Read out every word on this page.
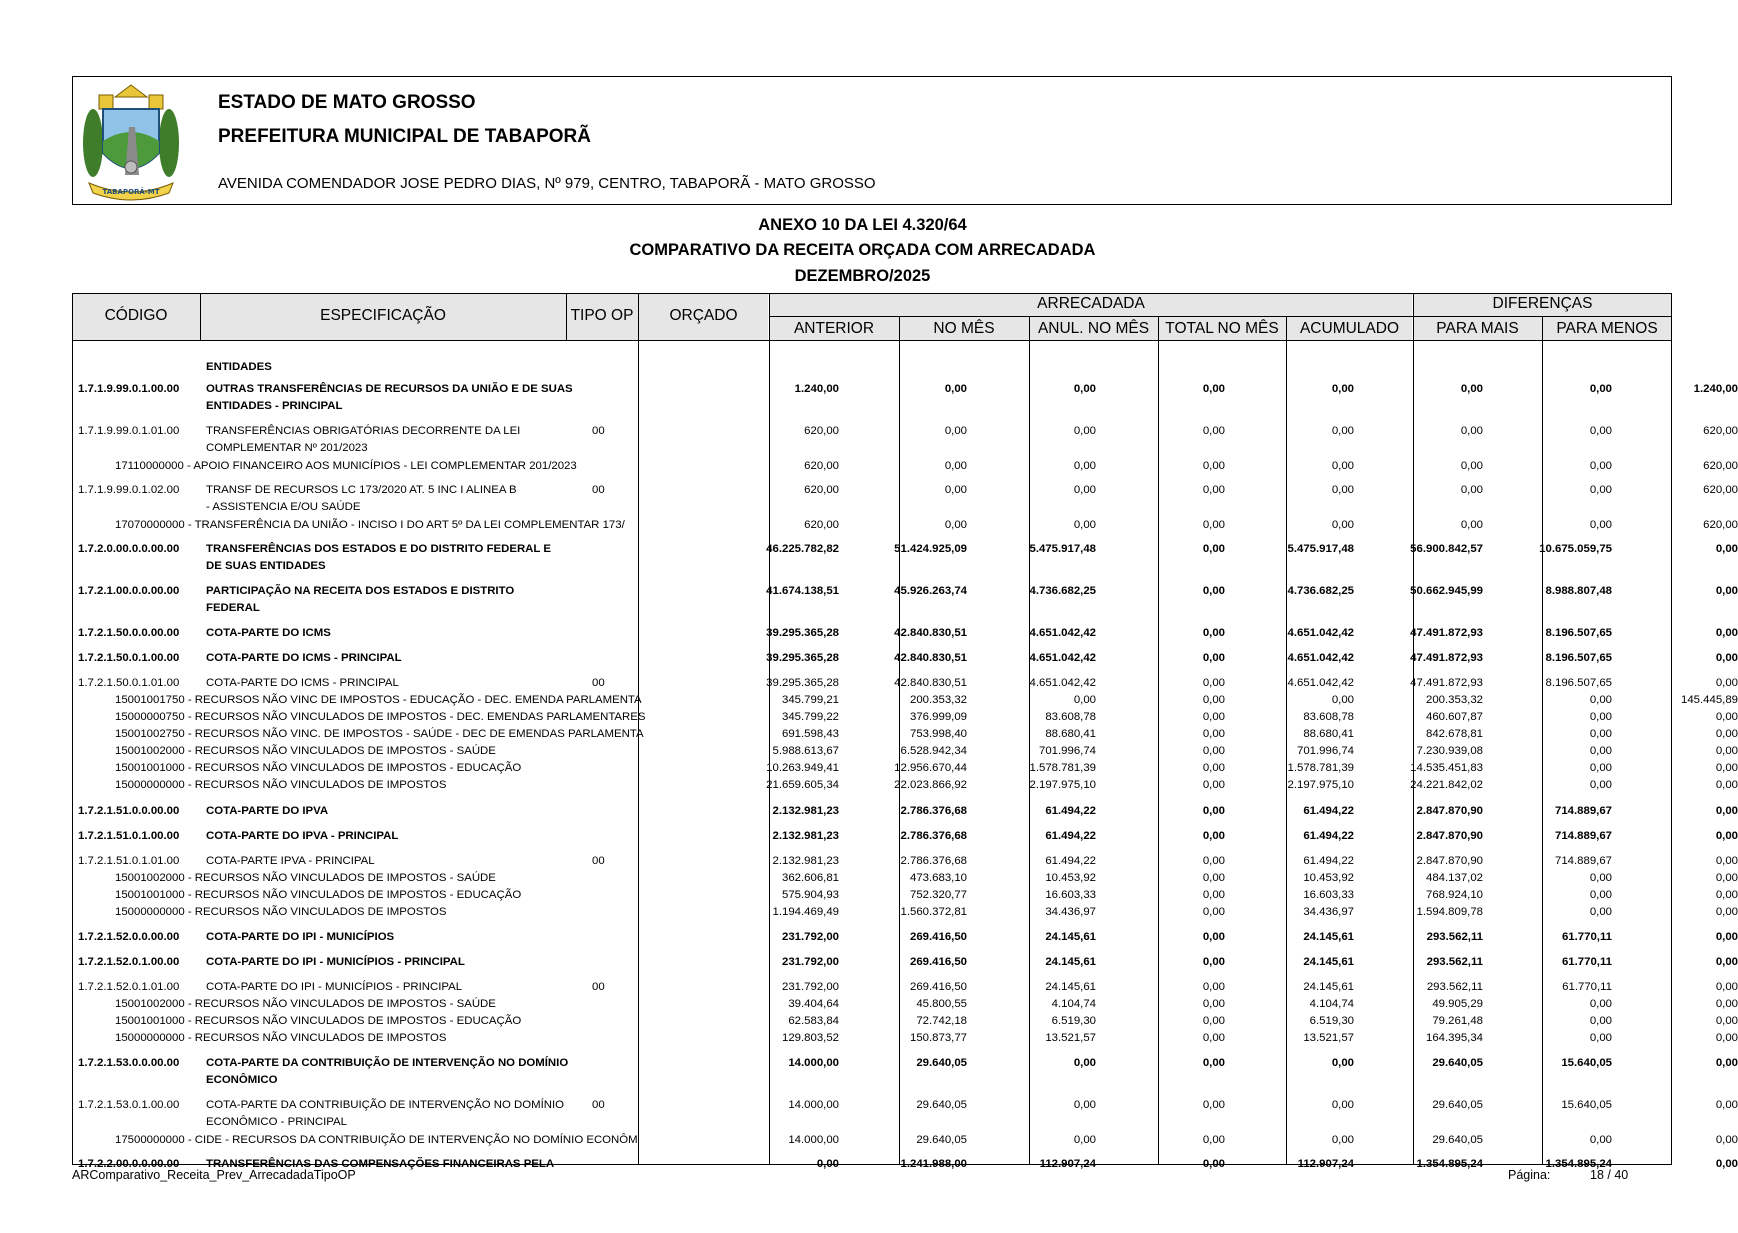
TABAPORÃ-MT
ESTADO DE MATO GROSSO
PREFEITURA MUNICIPAL DE TABAPORÃ
AVENIDA COMENDADOR JOSE PEDRO DIAS, Nº 979, CENTRO, TABAPORÃ - MATO GROSSO
ANEXO 10 DA LEI 4.320/64
COMPARATIVO DA RECEITA ORÇADA COM ARRECADADA
DEZEMBRO/2025
CÓDIGO	ESPECIFICAÇÃO	TIPO OP	ORÇADO
ARRECADADA
ANTERIOR	NO MÊS	ANUL. NO MÊS	TOTAL NO MÊS	ACUMULADO
DIFERENÇAS
PARA MAIS	PARA MENOS
ENTIDADES
1.7.1.9.99.0.1.00.00 OUTRAS TRANSFERÊNCIAS DE RECURSOS DA UNIÃO E DE SUAS
ENTIDADES - PRINCIPAL
1.240,00	0,00	0,00	0,00	0,00	0,00	0,00	1.240,00
1.7.1.9.99.0.1.01.00 TRANSFERÊNCIAS OBRIGATÓRIAS DECORRENTE DA LEI
COMPLEMENTAR Nº 201/2023
00	620,00	0,00	0,00	0,00	0,00	0,00	0,00	620,00
17110000000 - APOIO FINANCEIRO AOS MUNICÍPIOS - LEI COMPLEMENTAR 201/2023	620,00	0,00	0,00	0,00	0,00	0,00	0,00	620,00
1.7.1.9.99.0.1.02.00 TRANSF DE RECURSOS LC 173/2020 AT. 5 INC I ALINEA B
- ASSISTENCIA E/OU SAÚDE
00	620,00	0,00	0,00	0,00	0,00	0,00	0,00	620,00
17070000000 - TRANSFERÊNCIA DA UNIÃO - INCISO I DO ART 5º DA LEI COMPLEMENTAR 173/	620,00	0,00	0,00	0,00	0,00	0,00	0,00	620,00
1.7.2.0.00.0.0.00.00 TRANSFERÊNCIAS DOS ESTADOS E DO DISTRITO FEDERAL E
DE SUAS ENTIDADES
46.225.782,82	51.424.925,09	5.475.917,48	0,00	5.475.917,48	56.900.842,57	10.675.059,75	0,00
1.7.2.1.00.0.0.00.00 PARTICIPAÇÃO NA RECEITA DOS ESTADOS E DISTRITO
FEDERAL
41.674.138,51	45.926.263,74	4.736.682,25	0,00	4.736.682,25	50.662.945,99	8.988.807,48	0,00
1.7.2.1.50.0.0.00.00 COTA-PARTE DO ICMS	39.295.365,28	42.840.830,51	4.651.042,42	0,00	4.651.042,42	47.491.872,93	8.196.507,65	0,00
1.7.2.1.50.0.1.00.00 COTA-PARTE DO ICMS - PRINCIPAL	39.295.365,28	42.840.830,51	4.651.042,42	0,00	4.651.042,42	47.491.872,93	8.196.507,65	0,00
1.7.2.1.50.0.1.01.00 COTA-PARTE DO ICMS - PRINCIPAL	00	39.295.365,28	42.840.830,51	4.651.042,42	0,00	4.651.042,42	47.491.872,93	8.196.507,65	0,00
15001001750 - RECURSOS NÃO VINC DE IMPOSTOS - EDUCAÇÃO - DEC. EMENDA PARLAMENTA	345.799,21	200.353,32	0,00	0,00	0,00	200.353,32	0,00	145.445,89
15000000750 - RECURSOS NÃO VINCULADOS DE IMPOSTOS - DEC. EMENDAS PARLAMENTARES	345.799,22	376.999,09	83.608,78	0,00	83.608,78	460.607,87	0,00	0,00
15001002750 - RECURSOS NÃO VINC. DE IMPOSTOS - SAÚDE - DEC DE EMENDAS PARLAMENTA	691.598,43	753.998,40	88.680,41	0,00	88.680,41	842.678,81	0,00	0,00
15001002000 - RECURSOS NÃO VINCULADOS DE IMPOSTOS - SAÚDE	5.988.613,67	6.528.942,34	701.996,74	0,00	701.996,74	7.230.939,08	0,00	0,00
15001001000 - RECURSOS NÃO VINCULADOS DE IMPOSTOS - EDUCAÇÃO	10.263.949,41	12.956.670,44	1.578.781,39	0,00	1.578.781,39	14.535.451,83	0,00	0,00
15000000000 - RECURSOS NÃO VINCULADOS DE IMPOSTOS	21.659.605,34	22.023.866,92	2.197.975,10	0,00	2.197.975,10	24.221.842,02	0,00	0,00
1.7.2.1.51.0.0.00.00 COTA-PARTE DO IPVA	2.132.981,23	2.786.376,68	61.494,22	0,00	61.494,22	2.847.870,90	714.889,67	0,00
1.7.2.1.51.0.1.00.00 COTA-PARTE DO IPVA - PRINCIPAL	2.132.981,23	2.786.376,68	61.494,22	0,00	61.494,22	2.847.870,90	714.889,67	0,00
1.7.2.1.51.0.1.01.00 COTA-PARTE IPVA - PRINCIPAL	00	2.132.981,23	2.786.376,68	61.494,22	0,00	61.494,22	2.847.870,90	714.889,67	0,00
15001002000 - RECURSOS NÃO VINCULADOS DE IMPOSTOS - SAÚDE	362.606,81	473.683,10	10.453,92	0,00	10.453,92	484.137,02	0,00	0,00
15001001000 - RECURSOS NÃO VINCULADOS DE IMPOSTOS - EDUCAÇÃO	575.904,93	752.320,77	16.603,33	0,00	16.603,33	768.924,10	0,00	0,00
15000000000 - RECURSOS NÃO VINCULADOS DE IMPOSTOS	1.194.469,49	1.560.372,81	34.436,97	0,00	34.436,97	1.594.809,78	0,00	0,00
1.7.2.1.52.0.0.00.00 COTA-PARTE DO IPI - MUNICÍPIOS	231.792,00	269.416,50	24.145,61	0,00	24.145,61	293.562,11	61.770,11	0,00
1.7.2.1.52.0.1.00.00 COTA-PARTE DO IPI - MUNICÍPIOS - PRINCIPAL	231.792,00	269.416,50	24.145,61	0,00	24.145,61	293.562,11	61.770,11	0,00
1.7.2.1.52.0.1.01.00 COTA-PARTE DO IPI - MUNICÍPIOS - PRINCIPAL	00	231.792,00	269.416,50	24.145,61	0,00	24.145,61	293.562,11	61.770,11	0,00
15001002000 - RECURSOS NÃO VINCULADOS DE IMPOSTOS - SAÚDE	39.404,64	45.800,55	4.104,74	0,00	4.104,74	49.905,29	0,00	0,00
15001001000 - RECURSOS NÃO VINCULADOS DE IMPOSTOS - EDUCAÇÃO	62.583,84	72.742,18	6.519,30	0,00	6.519,30	79.261,48	0,00	0,00
15000000000 - RECURSOS NÃO VINCULADOS DE IMPOSTOS	129.803,52	150.873,77	13.521,57	0,00	13.521,57	164.395,34	0,00	0,00
1.7.2.1.53.0.0.00.00 COTA-PARTE DA CONTRIBUIÇÃO DE INTERVENÇÃO NO DOMÍNIO
ECONÔMICO
14.000,00	29.640,05	0,00	0,00	0,00	29.640,05	15.640,05	0,00
1.7.2.1.53.0.1.00.00 COTA-PARTE DA CONTRIBUIÇÃO DE INTERVENÇÃO NO DOMÍNIO
ECONÔMICO - PRINCIPAL
00	14.000,00	29.640,05	0,00	0,00	0,00	29.640,05	15.640,05	0,00
17500000000 - CIDE - RECURSOS DA CONTRIBUIÇÃO DE INTERVENÇÃO NO DOMÍNIO ECONÔM	14.000,00	29.640,05	0,00	0,00	0,00	29.640,05	0,00	0,00
1.7.2.2.00.0.0.00.00 TRANSFERÊNCIAS DAS COMPENSAÇÕES FINANCEIRAS PELA	0,00	1.241.988,00	112.907,24	0,00	112.907,24	1.354.895,24	1.354.895,24	0,00
ARComparativo_Receita_Prev_ArrecadadaTipoOP	Página:	18 / 40
